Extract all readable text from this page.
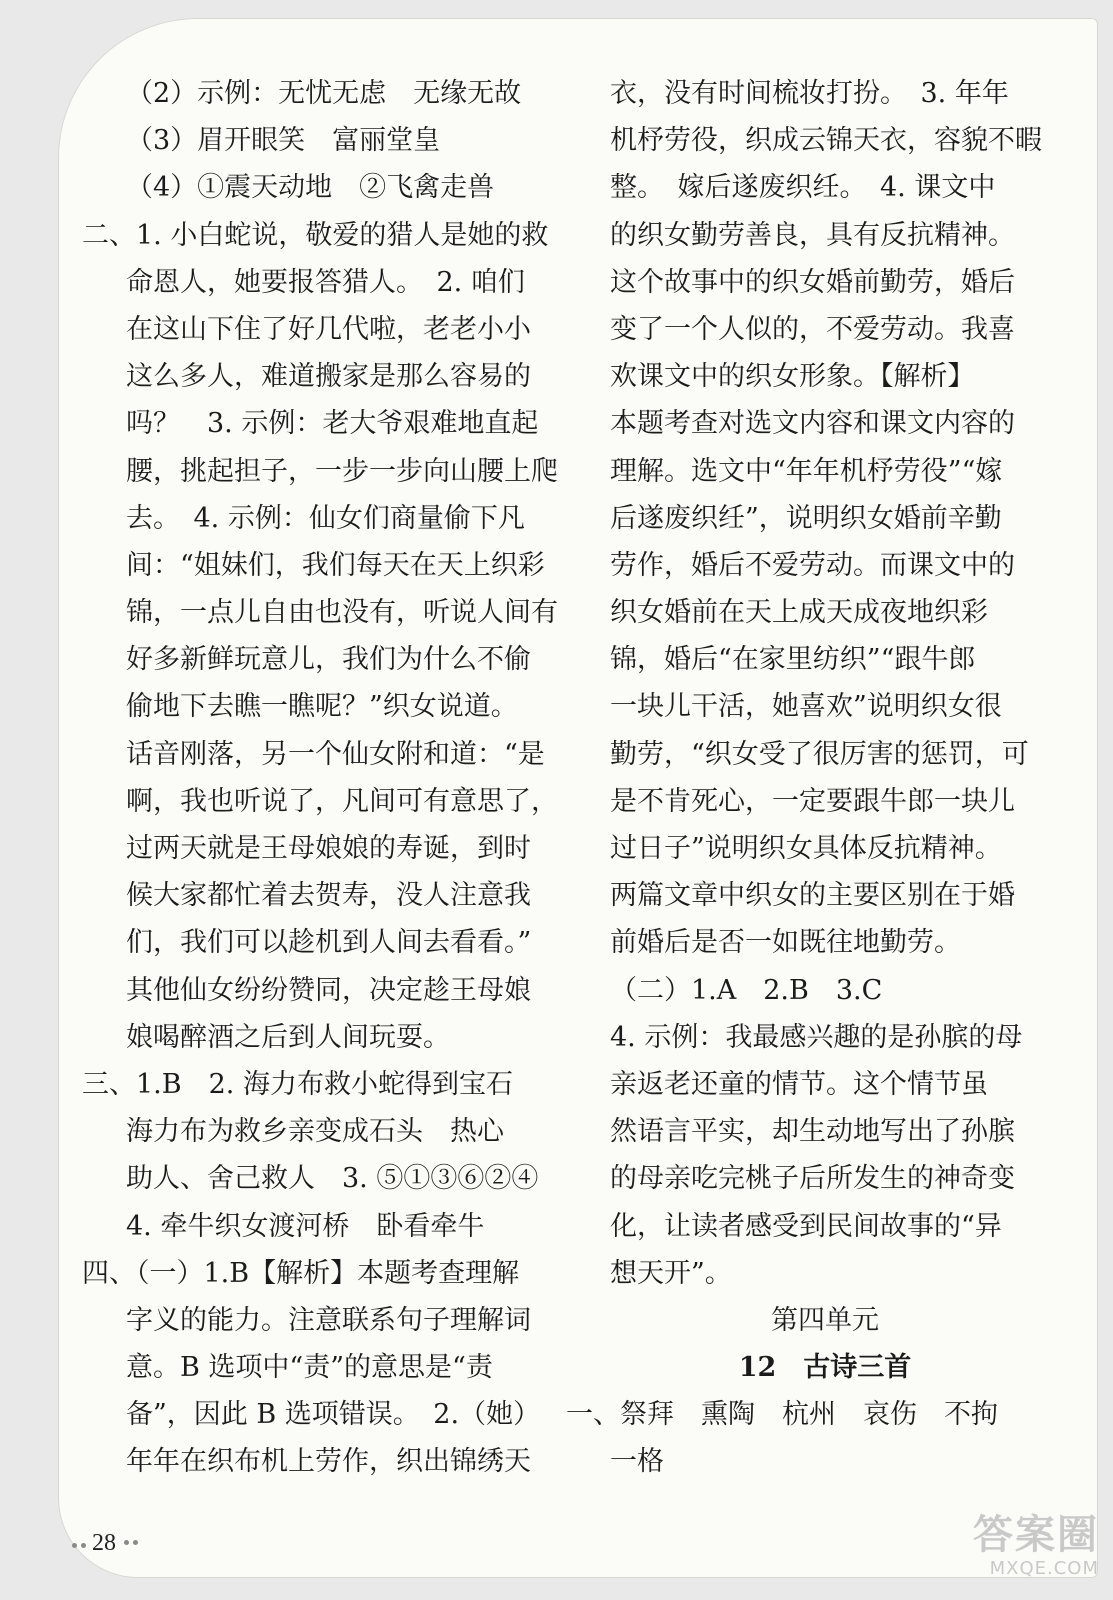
（2）示例：无忧无虑　无缘无故
（3）眉开眼笑　富丽堂皇
（4）①震天动地　②飞禽走兽
二、1. 小白蛇说，敬爱的猎人是她的救
命恩人，她要报答猎人。　2. 咱们
在这山下住了好几代啦，老老小小
这么多人，难道搬家是那么容易的
吗？　3. 示例：老大爷艰难地直起
腰，挑起担子，一步一步向山腰上爬
去。　4. 示例：仙女们商量偷下凡
间：“姐妹们，我们每天在天上织彩
锦，一点儿自由也没有，听说人间有
好多新鲜玩意儿，我们为什么不偷
偷地下去瞧一瞧呢？”织女说道。
话音刚落，另一个仙女附和道：“是
啊，我也听说了，凡间可有意思了，
过两天就是王母娘娘的寿诞，到时
候大家都忙着去贺寿，没人注意我
们，我们可以趁机到人间去看看。”
其他仙女纷纷赞同，决定趁王母娘
娘喝醉酒之后到人间玩耍。
三、1.B　2. 海力布救小蛇得到宝石
海力布为救乡亲变成石头　热心
助人、舍己救人　3. ⑤①③⑥②④
4. 牵牛织女渡河桥　卧看牵牛
四、（一）1.B【解析】本题考查理解
字义的能力。注意联系句子理解词
意。B 选项中“责”的意思是“责
备”，因此 B 选项错误。　2.（她）
年年在织布机上劳作，织出锦绣天
衣，没有时间梳妆打扮。　3. 年年
机杼劳役，织成云锦天衣，容貌不暇
整。　嫁后遂废织纴。　4. 课文中
的织女勤劳善良，具有反抗精神。
这个故事中的织女婚前勤劳，婚后
变了一个人似的，不爱劳动。我喜
欢课文中的织女形象。【解析】
本题考查对选文内容和课文内容的
理解。选文中“年年机杼劳役”“嫁
后遂废织纴”，说明织女婚前辛勤
劳作，婚后不爱劳动。而课文中的
织女婚前在天上成天成夜地织彩
锦，婚后“在家里纺织”“跟牛郎
一块儿干活，她喜欢”说明织女很
勤劳，“织女受了很厉害的惩罚，可
是不肯死心，一定要跟牛郎一块儿
过日子”说明织女具体反抗精神。
两篇文章中织女的主要区别在于婚
前婚后是否一如既往地勤劳。
（二）1.A　2.B　3.C
4. 示例：我最感兴趣的是孙膑的母
亲返老还童的情节。这个情节虽
然语言平实，却生动地写出了孙膑
的母亲吃完桃子后所发生的神奇变
化，让读者感受到民间故事的“异
想天开”。
第四单元
12　古诗三首
一、祭拜　熏陶　杭州　哀伤　不拘
一格
28	答案圈
MXQE.COM
